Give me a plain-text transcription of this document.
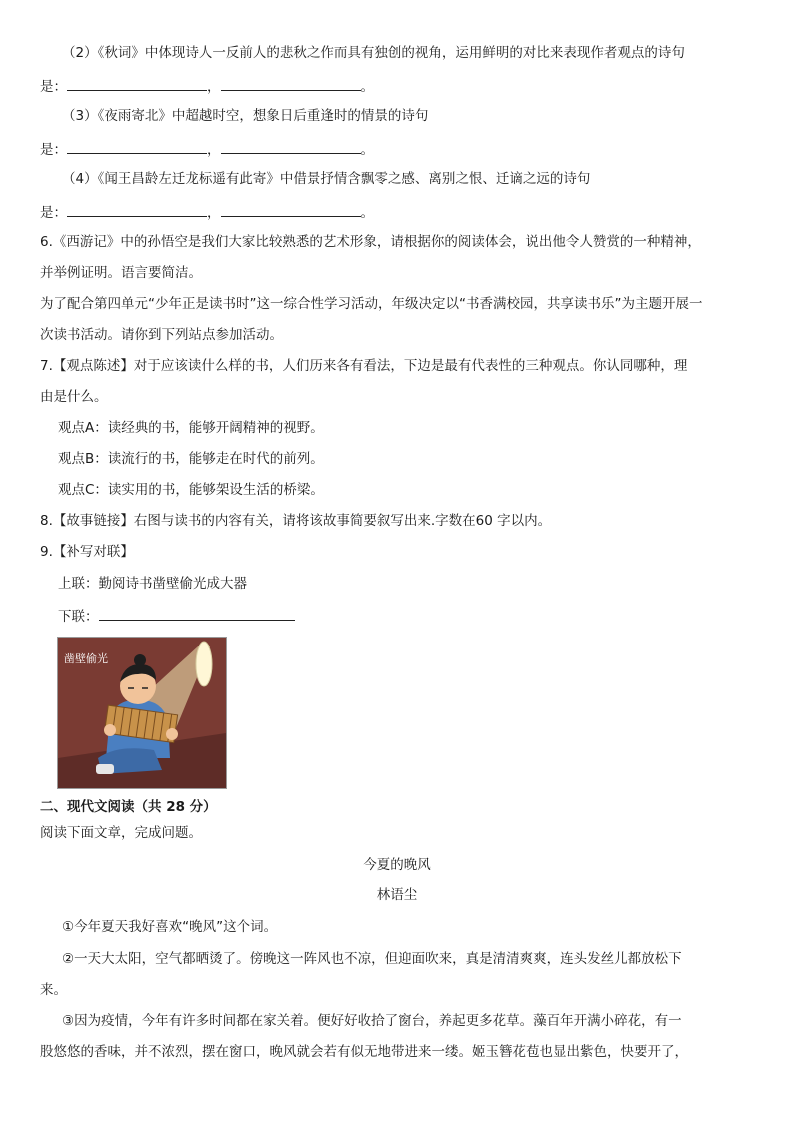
（2）《秋词》中体现诗人一反前人的悲秋之作而具有独创的视角，运用鲜明的对比来表现作者观点的诗句
是：	，	。
（3）《夜雨寄北》中超越时空，想象日后重逢时的情景的诗句
是：	，	。
（4）《闻王昌龄左迁龙标遥有此寄》中借景抒情含飘零之感、离别之恨、迁谪之远的诗句
是：	，	。
6.《西游记》中的孙悟空是我们大家比较熟悉的艺术形象，请根据你的阅读体会，说出他令人赞赏的一种精神，
并举例证明。语言要简洁。
为了配合第四单元“少年正是读书时”这一综合性学习活动，年级决定以“书香满校园，共享读书乐”为主题开展一
次读书活动。请你到下列站点参加活动。
7.【观点陈述】对于应该读什么样的书，人们历来各有看法，下边是最有代表性的三种观点。你认同哪种，理
由是什么。
观点A：读经典的书，能够开阔精神的视野。
观点B：读流行的书，能够走在时代的前列。
观点C：读实用的书，能够架设生活的桥梁。
8.【故事链接】右图与读书的内容有关，请将该故事简要叙写出来.字数在60 字以内。
9.【补写对联】
上联：勤阅诗书凿壁偷光成大器
下联：
凿壁偷光
二、现代文阅读（共 28 分）
阅读下面文章，完成问题。
今夏的晚风
林语尘
①今年夏天我好喜欢“晚风”这个词。
②一天大太阳，空气都晒烫了。傍晚这一阵风也不凉，但迎面吹来，真是清清爽爽，连头发丝儿都放松下
来。
③因为疫情，今年有许多时间都在家关着。便好好收拾了窗台，养起更多花草。藻百年开满小碎花，有一
股悠悠的香味，并不浓烈，摆在窗口，晚风就会若有似无地带进来一缕。姬玉簪花苞也显出紫色，快要开了，
